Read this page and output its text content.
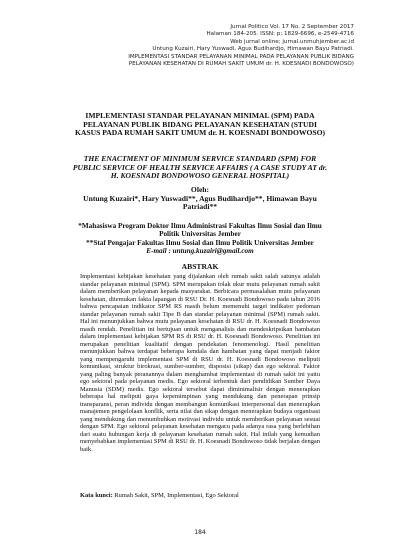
Jurnal Politico Vol. 17 No. 2 September 2017
Halaman 184-205. ISSN: p; 1829-6696, e-2549-4716
Web jurnal online; jurnal.unmuhjember.ac.id
Untung Kuzairi, Hary Yuswadi, Agus Budihardjo, Himawan Bayu Patriadi.
IMPLEMENTASI STANDAR PELAYANAN MINIMAL PADA PELAYANAN PUBLIK BIDANG
PELAYANAN KESEHATAN DI RUMAH SAKIT UMUM dr. H. KOESNADI BONDOWOSO)
IMPLEMENTASI STANDAR PELAYANAN MINIMAL (SPM) PADA PELAYANAN PUBLIK BIDANG PELAYANAN KESEHATAN (STUDI KASUS PADA RUMAH SAKIT UMUM dr. H. KOESNADI BONDOWOSO)
THE ENACTMENT OF MINIMUM SERVICE STANDARD (SPM) FOR PUBLIC SERVICE OF HEALTH SERVICE AFFAIRS ( A CASE STUDY AT dr. H. KOESNADI BONDOWOSO GENERAL HOSPITAL)
Oleh:
Untung Kuzairi*, Hary Yuswadi**, Agus Budihardjo**, Himawan Bayu Patriadi**
*Mahasiswa Program Doktor Ilmu Administrasi Fakultas Ilmu Sosial dan Ilmu Politik Universitas Jember
**Staf Pengajar Fakultas Ilmu Sosial dan Ilmu Politik Universitas Jember
E-mail : untung.kuzairi@gmail.com
ABSTRAK
Implementasi kebijakan kesehatan yang dijalankan oleh rumah sakit salah satunya adalah standar pelayanan minimal (SPM). SPM merupakan tolak ukur mutu pelayanan rumah sakit dalam memberikan pelayanan kepada masyarakat. Berbicara permasalahan mutu pelayanan kesehatan, ditemukan fakta lapangan di RSU Dr. H. Koesnadi Bondowoso pada tahun 2016 bahwa pencapaian indikator SPM RS masih belum memenuhi target indikator pedoman standar pelayanan rumah sakit Tipe B dan standar pelayanan minimal (SPM) rumah sakit. Hal ini menunjukkan bahwa mutu pelayanan kesehatan di RSU dr. H. Koesnadi Bondowoso masih rendah. Penelitian ini bertujuan untuk menganalisis dan mendeskripsikan hambatan dalam implementasi kebijakan SPM RS di RSU dr. H. Koesnadi Bondowoso. Penelitian ini merupakan penelitian kualitatif dengan pendekatan fenomenologi. Hasil penelitian menunjukkan bahwa terdapat beberapa kendala dan hambatan yang dapat menjadi faktor yang mempengaruhi implementasi SPM di RSU dr. H. Koesnadi Bondowoso meliputi komunikasi, struktur birokrasi, sumber-sumber, disposisi (sikap) dan ego sektoral. Faktor yang paling banyak peranannya dalam menghambat implementasi di rumah sakit ini yaitu ego sektoral pada pelayanan medis. Ego sektoral terbentuk dari pendidikan Sumber Daya Manusia (SDM) medis. Ego sektoral tersebut dapat diminimalisir dengan menerapkan beberapa hal meliputi gaya kepemimpinan yang mendukung dan penerapan prinsip transparansi, peran individu dengan membangun komunikasi interpersonal dan menerapkan manajemen pengelolaan konflik, serta nilai dan sikap dengan menerapkan budaya organisasi yang mendukung dan menumbuhkan motivasi individu untuk memberikan pelayanan sesuai dengan SPM. Ego sektoral pelayanan kesehatan mengacu pada adanya rasa yang berlebihan dari suatu hubungan kerja di pelayanan kesehatan rumah sakit. Hal inilah yang kemudian menyebabkan implementasi SPM di RSU dr. H. Koesnadi Bondowoso tidak berjalan dengan baik.
Kata kunci: Rumah Sakit, SPM, Implementasi, Ego Sektoral
184
